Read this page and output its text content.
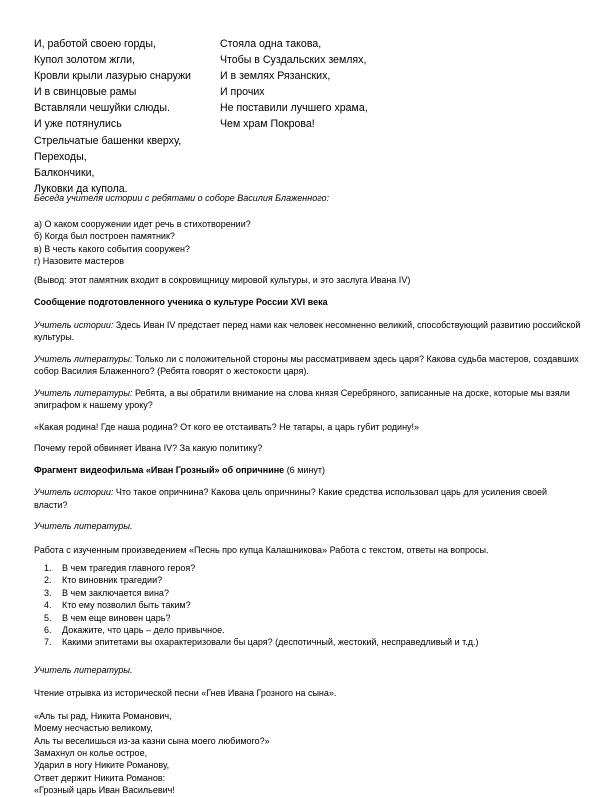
И, работой своею горды,
Купол золотом жгли,
Кровли крыли лазурью снаружи
И в свинцовые рамы
Вставляли чешуйки слюды.
И уже потянулись
Стрельчатые башенки кверху,
Переходы,
Балкончики,
Луковки да купола.
Стояла одна такова,
Чтобы в Суздальских землях,
И в землях Рязанских,
И прочих
Не поставили лучшего храма,
Чем храм Покрова!

Беседа учителя истории с ребятами о соборе Василия Блаженного:

а) О каком сооружении идет речь в стихотворении?

б) Когда был построен памятник?

в) В честь какого события сооружен?

г) Назовите мастеров

(Вывод: этот памятник входит в сокровищницу мировой культуры, и это заслуга Ивана IV)

Сообщение подготовленного ученика о культуре России XVI века

Учитель истории: Здесь Иван IV предстает перед нами как человек несомненно великий, способствующий развитию российской культуры.

Учитель литературы: Только ли с положительной стороны мы рассматриваем здесь царя? Какова судьба мастеров, создавших собор Василия Блаженного? (Ребята говорят о жестокости царя).

Учитель литературы: Ребята, а вы обратили внимание на слова князя Серебряного, записанные на доске, которые мы взяли эпиграфом к нашему уроку?

«Какая родина! Где наша родина? От кого ее отстаивать? Не татары, а царь губит родину!»

Почему герой обвиняет Ивана IV? За какую политику?

Фрагмент видеофильма «Иван Грозный» об опричнине (6 минут)

Учитель истории: Что такое опричнина? Какова цель опричнины? Какие средства использовал царь для усиления своей власти?

Учитель литературы.

Работа с изученным произведением «Песнь про купца Калашникова» Работа с текстом, ответы на вопросы.

1. В чем трагедия главного героя?
2. Кто виновник трагедии?
3. В чем заключается вина?
4. Кто ему позволил быть таким?
5. В чем еще виновен царь?
6. Докажите, что царь – дело привычное.
7. Какими эпитетами вы охарактеризовали бы царя? (деспотичный, жестокий, несправедливый и т.д.)

Учитель литературы.

Чтение отрывка из исторической песни «Гнев Ивана Грозного на сына».

«Аль ты рад, Никита Романович,

Моему несчастью великому,

Аль ты веселишься из-за казни сына моего любимого?»

Замахнул он колье острое,

Ударил в ногу Никите Романову,

Ответ держит Никита Романов:

«Грозный царь Иван Васильевич!
